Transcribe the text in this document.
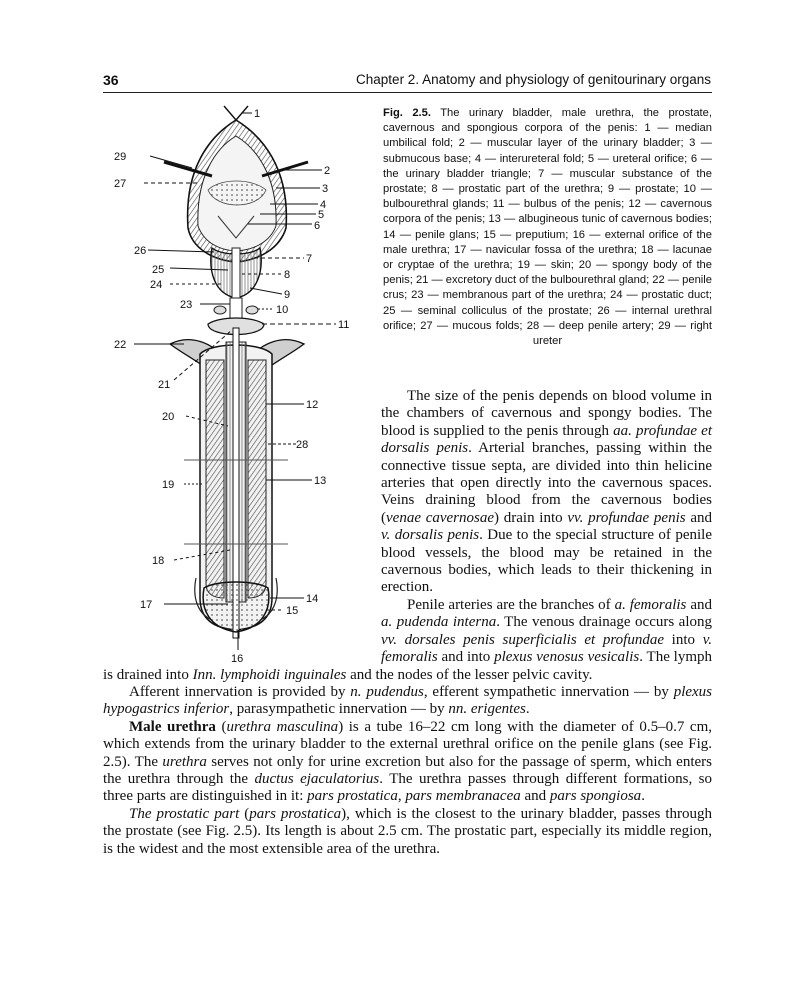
36	Chapter 2. Anatomy and physiology of genitourinary organs
1
2
3
4
5
6
7
8
9
10
11
12
13
14
15
16
17
18
19
20
21
22
23
24
25
26
27
28
29
Fig. 2.5. The urinary bladder, male urethra, the prostate, cavernous and spongious corpora of the penis: 1 — median umbilical fold; 2 — muscular layer of the urinary bladder; 3 — submucous base; 4 — interureteral fold; 5 — ureteral orifice; 6 — the urinary bladder triangle; 7 — muscular substance of the prostate; 8 — prostatic part of the urethra; 9 — prostate; 10 — bulbourethral glands; 11 — bulbus of the penis; 12 — cavernous corpora of the penis; 13 — albugineous tunic of cavernous bodies; 14 — penile glans; 15 — preputium; 16 — external orifice of the male urethra; 17 — navicular fossa of the urethra; 18 — lacunae or cryptae of the urethra; 19 — skin; 20 — spongy body of the penis; 21 — excretory duct of the bulbourethral gland; 22 — penile crus; 23 — membranous part of the urethra; 24 — prostatic duct; 25 — seminal colliculus of the prostate; 26 — internal urethral orifice; 27 — mucous folds; 28 — deep penile artery; 29 — right ureter

The size of the penis depends on blood volume in the chambers of cavernous and spongy bodies. The blood is supplied to the penis through aa. profundae et dorsalis penis. Arterial branches, passing within the connective tissue septa, are divided into thin helicine arteries that open directly into the cavernous spaces. Veins draining blood from the cavernous bodies (venae cavernosae) drain into vv. profundae penis and v. dorsalis penis. Due to the special structure of penile blood vessels, the blood may be retained in the cavernous bodies, which leads to their thickening in erection.

Penile arteries are the branches of a. femoralis and a. pudenda interna. The venous drainage occurs along vv. dorsales penis superficialis et profundae into v. femoralis and into plexus venosus vesicalis. The lymph is drained into Inn. lymphoidi inguinales and the nodes of the lesser pelvic cavity.

Afferent innervation is provided by n. pudendus, efferent sympathetic innervation — by plexus hypogastrics inferior, parasympathetic innervation — by nn. erigentes.

Male urethra (urethra masculina) is a tube 16–22 cm long with the diameter of 0.5–0.7 cm, which extends from the urinary bladder to the external urethral orifice on the penile glans (see Fig. 2.5). The urethra serves not only for urine excretion but also for the passage of sperm, which enters the urethra through the ductus ejaculatorius. The urethra passes through different formations, so three parts are distinguished in it: pars prostatica, pars membranacea and pars spongiosa.

The prostatic part (pars prostatica), which is the closest to the urinary bladder, passes through the prostate (see Fig. 2.5). Its length is about 2.5 cm. The prostatic part, especially its middle region, is the widest and the most extensible area of the urethra.
